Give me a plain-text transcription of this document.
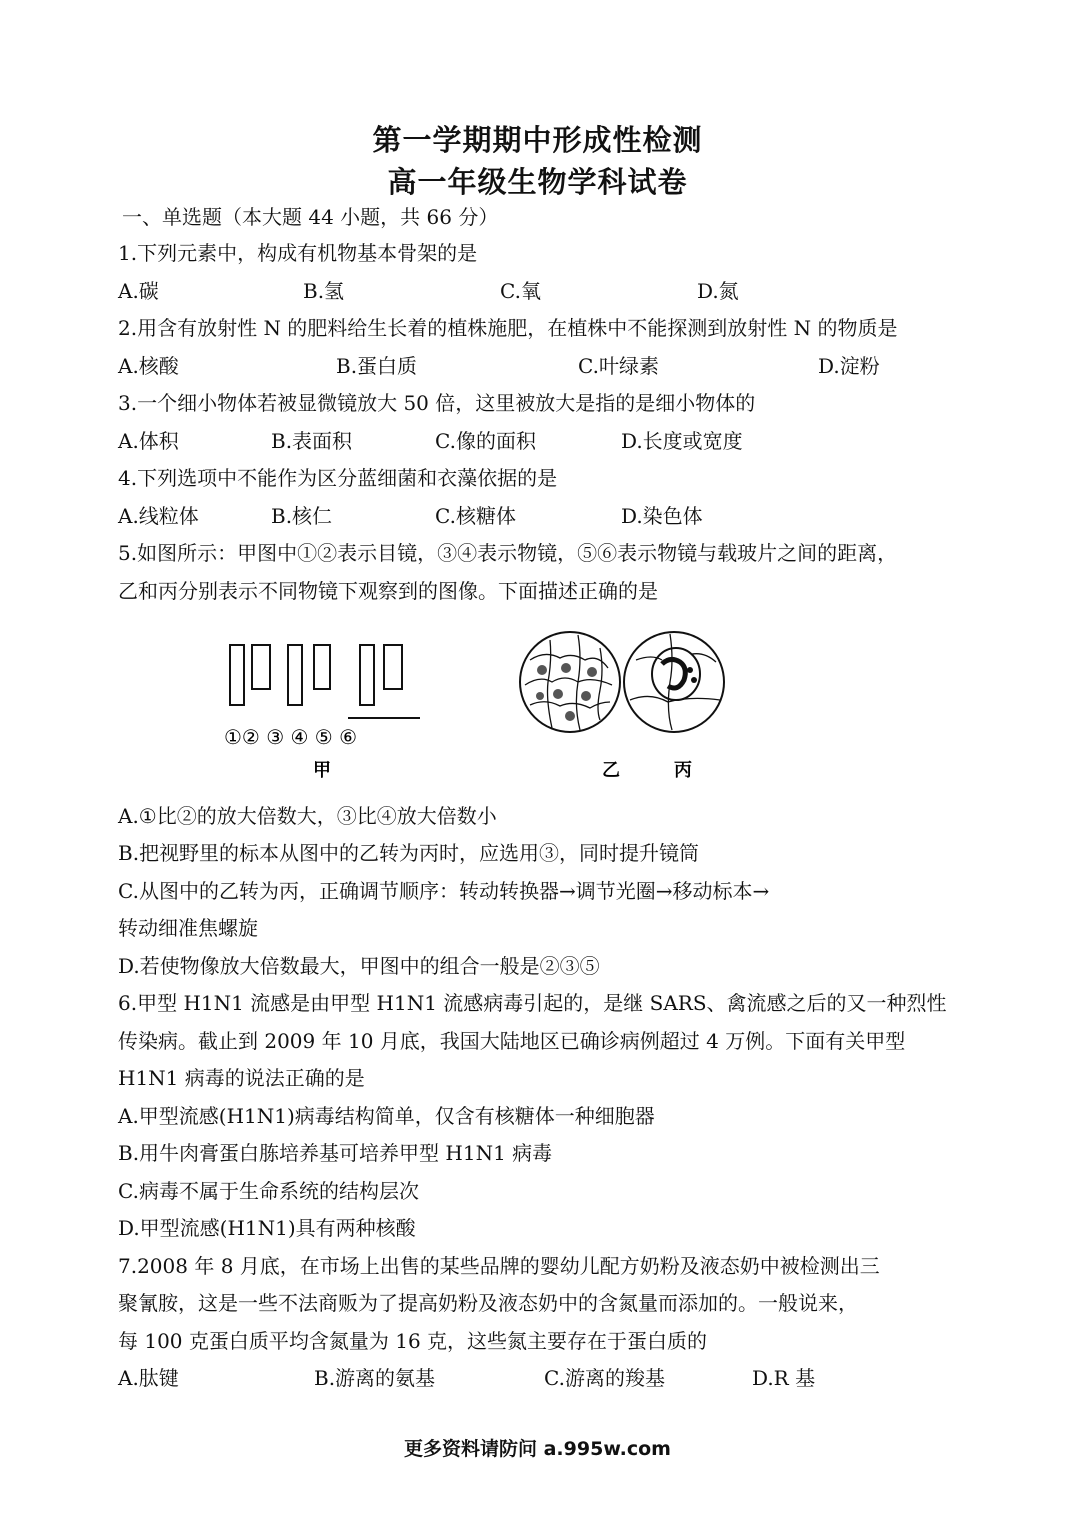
第一学期期中形成性检测
高一年级生物学科试卷
一、单选题（本大题 44 小题，共 66 分）
1.下列元素中，构成有机物基本骨架的是
A.碳	B.氢	C.氧	D.氮
2.用含有放射性 N 的肥料给生长着的植株施肥，在植株中不能探测到放射性 N 的物质是
A.核酸	B.蛋白质	C.叶绿素	D.淀粉
3.一个细小物体若被显微镜放大 50 倍，这里被放大是指的是细小物体的
A.体积	B.表面积	C.像的面积	D.长度或宽度
4.下列选项中不能作为区分蓝细菌和衣藻依据的是
A.线粒体	B.核仁	C.核糖体	D.染色体
5.如图所示：甲图中①②表示目镜，③④表示物镜，⑤⑥表示物镜与载玻片之间的距离，
乙和丙分别表示不同物镜下观察到的图像。下面描述正确的是
①② ③ ④ ⑤ ⑥
甲	乙	丙
A.①比②的放大倍数大，③比④放大倍数小
B.把视野里的标本从图中的乙转为丙时，应选用③，同时提升镜筒
C.从图中的乙转为丙，正确调节顺序：转动转换器→调节光圈→移动标本→
转动细准焦螺旋
D.若使物像放大倍数最大，甲图中的组合一般是②③⑤
6.甲型 H1N1 流感是由甲型 H1N1 流感病毒引起的，是继 SARS、禽流感之后的又一种烈性
传染病。截止到 2009 年 10 月底，我国大陆地区已确诊病例超过 4 万例。下面有关甲型
H1N1 病毒的说法正确的是
A.甲型流感(H1N1)病毒结构简单，仅含有核糖体一种细胞器
B.用牛肉膏蛋白胨培养基可培养甲型 H1N1 病毒
C.病毒不属于生命系统的结构层次
D.甲型流感(H1N1)具有两种核酸
7.2008 年 8 月底，在市场上出售的某些品牌的婴幼儿配方奶粉及液态奶中被检测出三
聚氰胺，这是一些不法商贩为了提高奶粉及液态奶中的含氮量而添加的。一般说来，
每 100 克蛋白质平均含氮量为 16 克，这些氮主要存在于蛋白质的
A.肽键	B.游离的氨基	C.游离的羧基	D.R 基
更多资料请防问 a.995w.com
